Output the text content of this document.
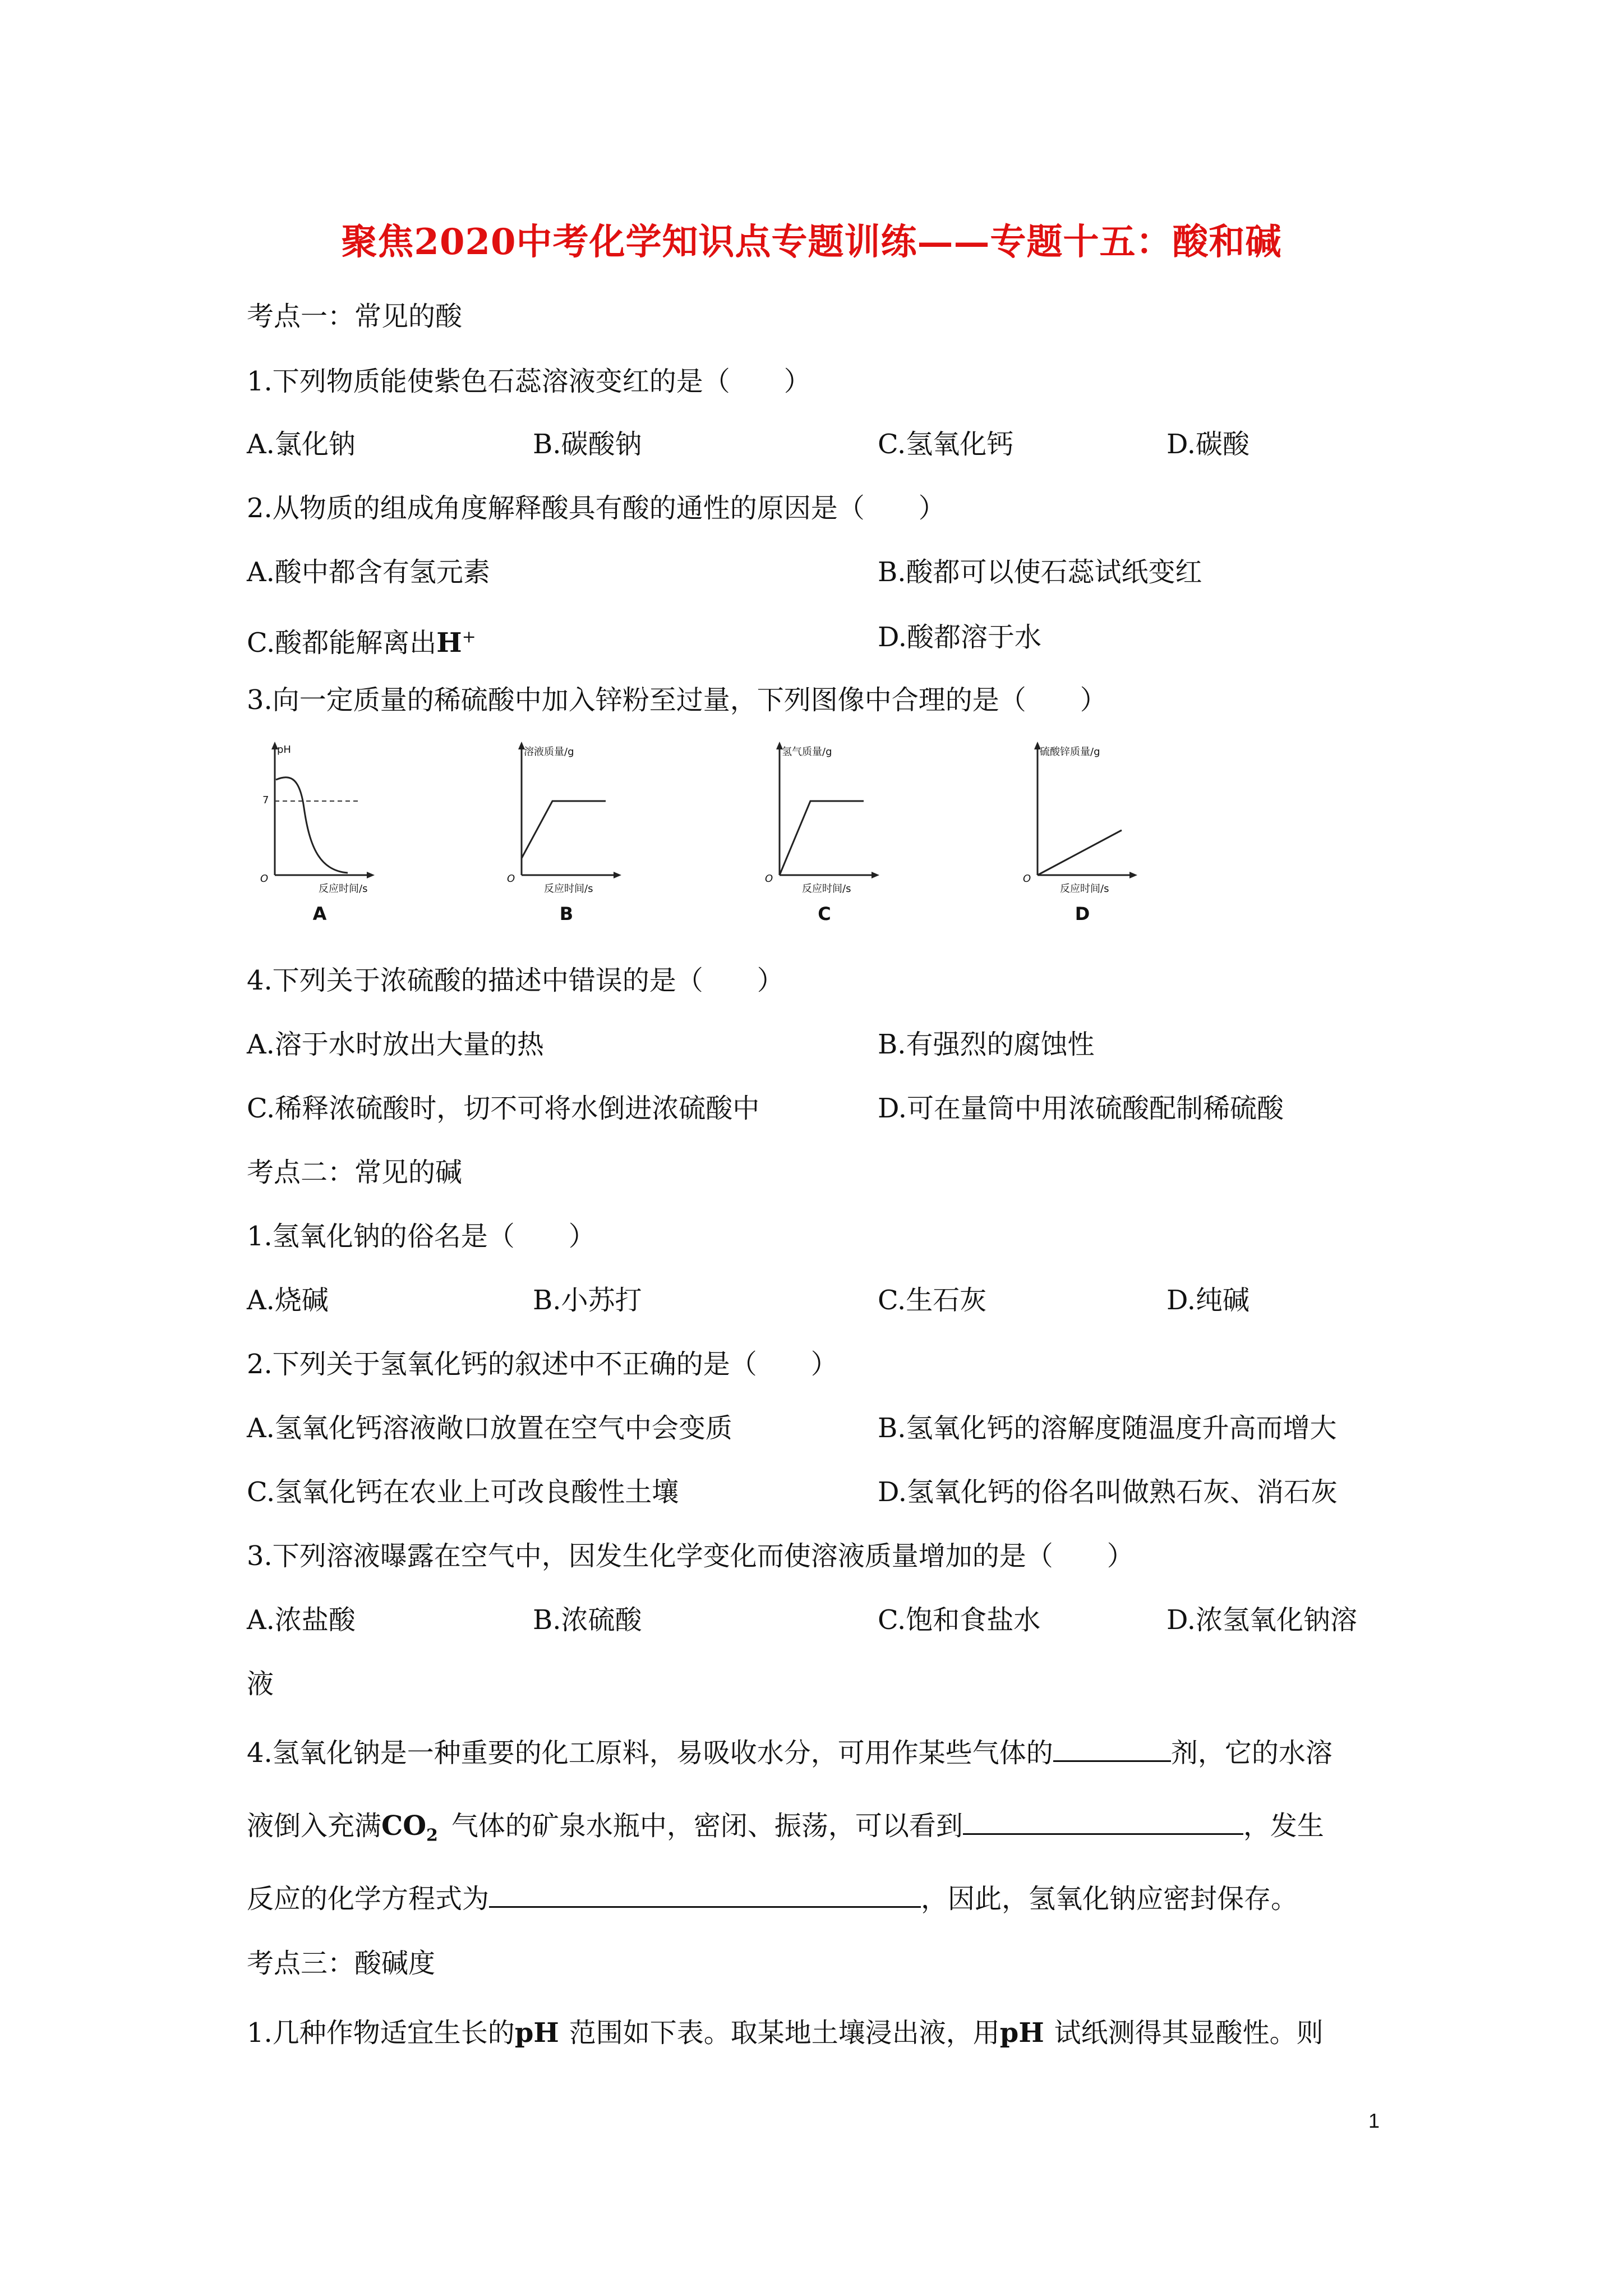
聚焦2020中考化学知识点专题训练——专题十五：酸和碱
考点一：常见的酸
1.下列物质能使紫色石蕊溶液变红的是（　　）
A.氯化钠	B.碳酸钠	C.氢氧化钙	D.碳酸
2.从物质的组成角度解释酸具有酸的通性的原因是（　　）
A.酸中都含有氢元素	B.酸都可以使石蕊试纸变红
C.酸都能解离出H+	D.酸都溶于水
3.向一定质量的稀硫酸中加入锌粉至过量，下列图像中合理的是（　　）
pH
7
O
反应时间/s
A
溶液质量/g
O
反应时间/s
B
氢气质量/g
O
反应时间/s
C
硫酸锌质量/g
O
反应时间/s
D
4.下列关于浓硫酸的描述中错误的是（　　）
A.溶于水时放出大量的热	B.有强烈的腐蚀性
C.稀释浓硫酸时，切不可将水倒进浓硫酸中	D.可在量筒中用浓硫酸配制稀硫酸
考点二：常见的碱
1.氢氧化钠的俗名是（　　）
A.烧碱	B.小苏打	C.生石灰	D.纯碱
2.下列关于氢氧化钙的叙述中不正确的是（　　）
A.氢氧化钙溶液敞口放置在空气中会变质	B.氢氧化钙的溶解度随温度升高而增大
C.氢氧化钙在农业上可改良酸性土壤	D.氢氧化钙的俗名叫做熟石灰、消石灰
3.下列溶液曝露在空气中，因发生化学变化而使溶液质量增加的是（　　）
A.浓盐酸	B.浓硫酸	C.饱和食盐水	D.浓氢氧化钠溶
液
4.氢氧化钠是一种重要的化工原料，易吸收水分，可用作某些气体的	剂，它的水溶
液倒入充满$CO_2$ 气体的矿泉水瓶中，密闭、振荡，可以看到	，发生
反应的化学方程式为	，因此，氢氧化钠应密封保存。
考点三：酸碱度
1.几种作物适宜生长的pH 范围如下表。取某地土壤浸出液，用pH 试纸测得其显酸性。则
1
